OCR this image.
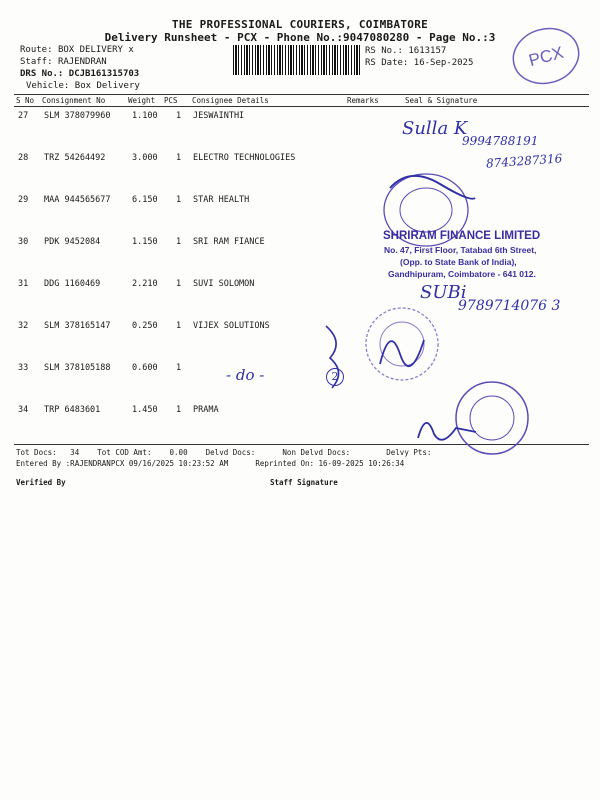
THE PROFESSIONAL COURIERS, COIMBATORE
Delivery Runsheet - PCX - Phone No.:9047080280 - Page No.:3
Route: BOX DELIVERY x
Staff: RAJENDRAN
DRS No.: DCJB161315703
Vehicle: Box Delivery
RS No.: 1613157
RS Date: 16-Sep-2025	PCX
S No Consignment No	Weight PCS Consignee Details	Remarks	Seal & Signature
27 SLM 378079960	1.100 1 JESWAINTHI
28 TRZ 54264492	3.000 1 ELECTRO TECHNOLOGIES
29 MAA 944565677	6.150 1 STAR HEALTH
30 PDK 9452084	1.150 1 SRI RAM FIANCE
31 DDG 1160469	2.210 1 SUVI SOLOMON
32 SLM 378165147	0.250 1 VIJEX SOLUTIONS
33 SLM 378105188	0.600 1
34 TRP 6483601	1.450 1 PRAMA
Tot Docs:   34    Tot COD Amt:    0.00    Delvd Docs:      Non Delvd Docs:        Delvy Pts:
Entered By :RAJENDRANPCX 09/16/2025 10:23:52 AM      Reprinted On: 16-09-2025 10:26:34
Verified By	Staff Signature
Sulla K
9994788191
8743287316
SHRIRAM FINANCE LIMITED
No. 47, First Floor, Tatabad 6th Street,
(Opp. to State Bank of India),
Gandhipuram, Coimbatore - 641 012.
SUBi
9789714076 3
- do -	2
